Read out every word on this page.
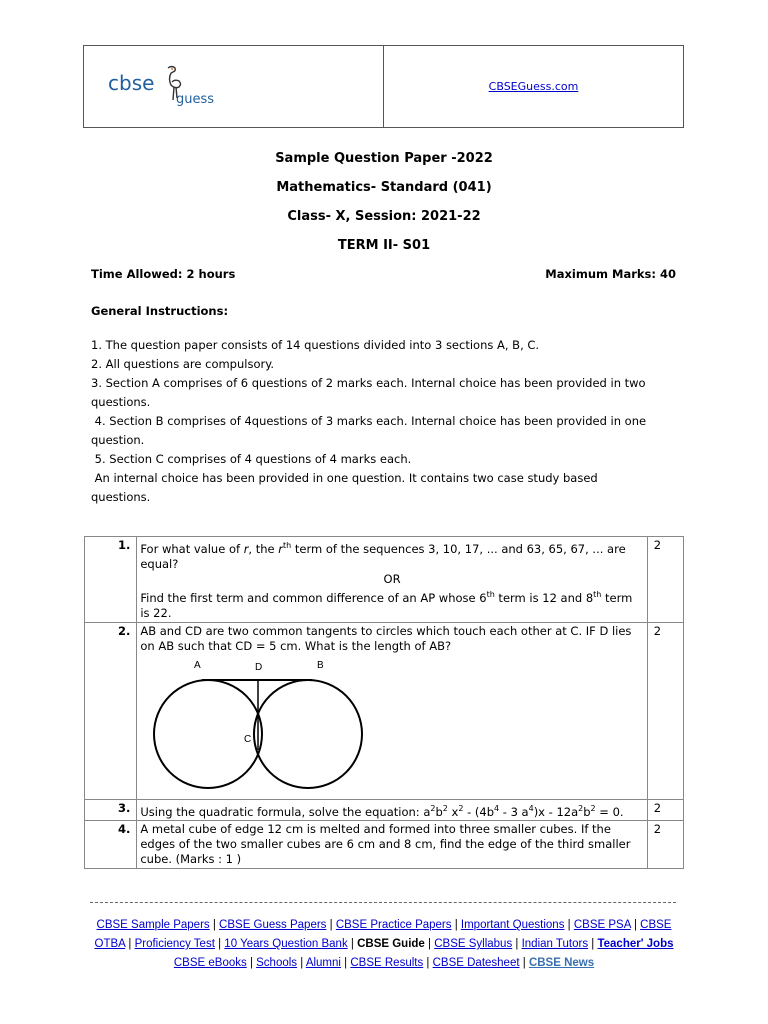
cbse
guess
CBSEGuess.com
Sample Question Paper -2022
Mathematics- Standard (041)
Class- X, Session: 2021-22
TERM II- S01
Time Allowed: 2 hours	Maximum Marks: 40
General Instructions:
1. The question paper consists of 14 questions divided into 3 sections A, B, C.
2. All questions are compulsory.
3. Section A comprises of 6 questions of 2 marks each. Internal choice has been provided in two
questions.
4. Section B comprises of 4questions of 3 marks each. Internal choice has been provided in one
question.
5. Section C comprises of 4 questions of 4 marks each.
An internal choice has been provided in one question. It contains two case study based
questions.
1.	For what value of r, the $r^{th}$ term of the sequences 3, 10, 17, ... and 63, 65, 67, ... are equal?
OR
Find the first term and common difference of an AP whose 6th term is 12 and 8th term is 22.	2
2.	AB and CD are two common tangents to circles which touch each other at C. IF D lies on AB such that CD = 5 cm. What is the length of AB?
A D B
C	2
3.	Using the quadratic formula, solve the equation: $a^2b^2$ $x^2 - (4b^4 - 3$ $a^4)x - 12a^2b^2 = 0$.	2
4.	A metal cube of edge 12 cm is melted and formed into three smaller cubes. If the edges of the two smaller cubes are 6 cm and 8 cm, find the edge of the third smaller cube. (Marks : 1 )	2
CBSE Sample Papers | CBSE Guess Papers | CBSE Practice Papers | Important Questions | CBSE PSA | CBSE OTBA | Proficiency Test | 10 Years Question Bank | CBSE Guide | CBSE Syllabus | Indian Tutors | Teacher' Jobs
CBSE eBooks | Schools | Alumni | CBSE Results | CBSE Datesheet | CBSE News
